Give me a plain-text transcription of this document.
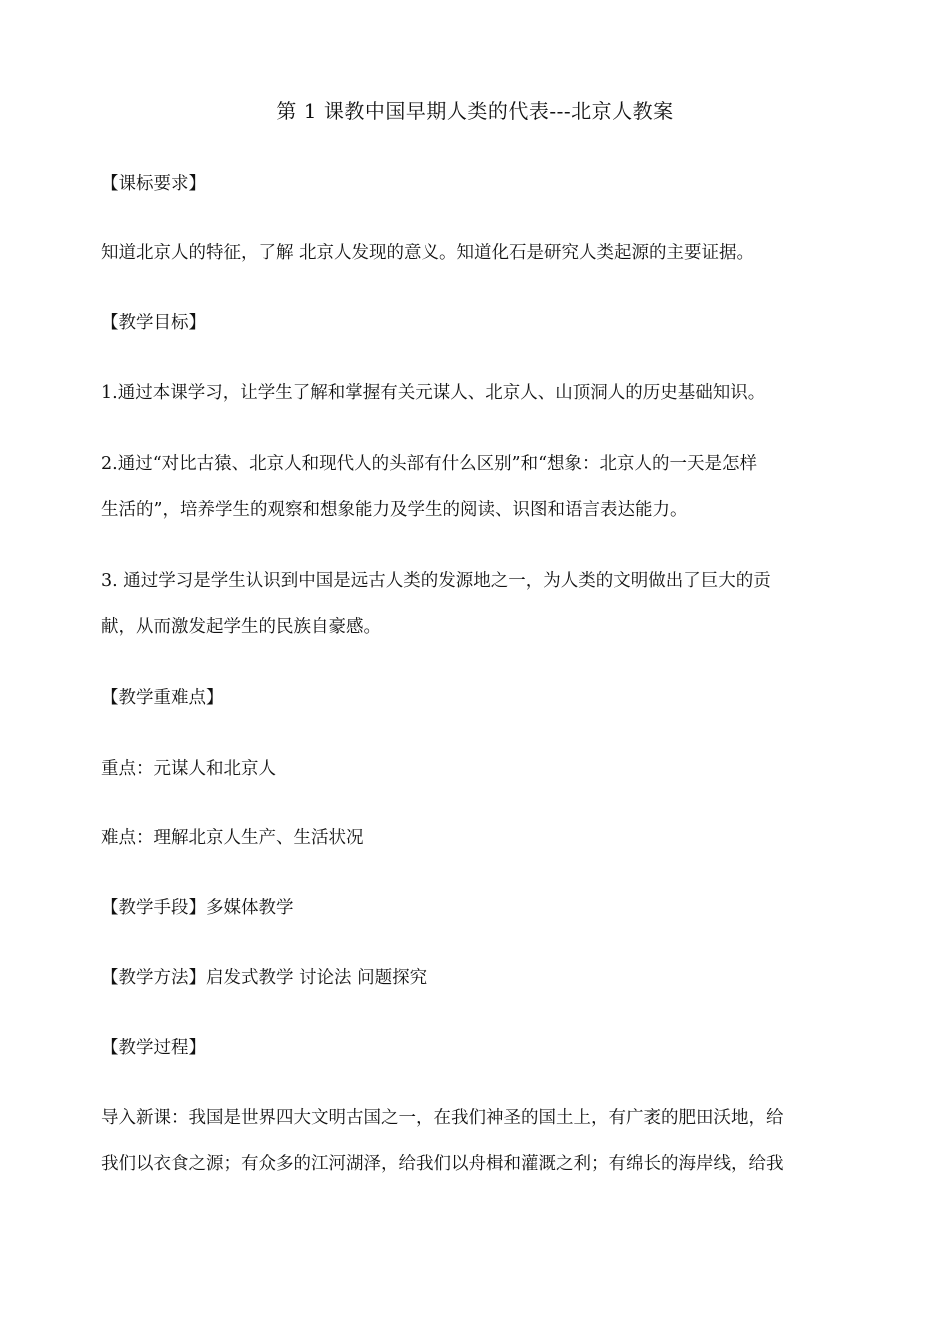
第 1 课教中国早期人类的代表---北京人教案
【课标要求】
知道北京人的特征，了解 北京人发现的意义。知道化石是研究人类起源的主要证据。
【教学目标】
1.通过本课学习，让学生了解和掌握有关元谋人、北京人、山顶洞人的历史基础知识。
2.通过“对比古猿、北京人和现代人的头部有什么区别”和“想象：北京人的一天是怎样
生活的”，培养学生的观察和想象能力及学生的阅读、识图和语言表达能力。
3. 通过学习是学生认识到中国是远古人类的发源地之一，为人类的文明做出了巨大的贡
献，从而激发起学生的民族自豪感。
【教学重难点】
重点：元谋人和北京人
难点：理解北京人生产、生活状况
【教学手段】多媒体教学
【教学方法】启发式教学 讨论法 问题探究
【教学过程】
导入新课：我国是世界四大文明古国之一，在我们神圣的国土上，有广袤的肥田沃地，给
我们以衣食之源；有众多的江河湖泽，给我们以舟楫和灌溉之利；有绵长的海岸线，给我
